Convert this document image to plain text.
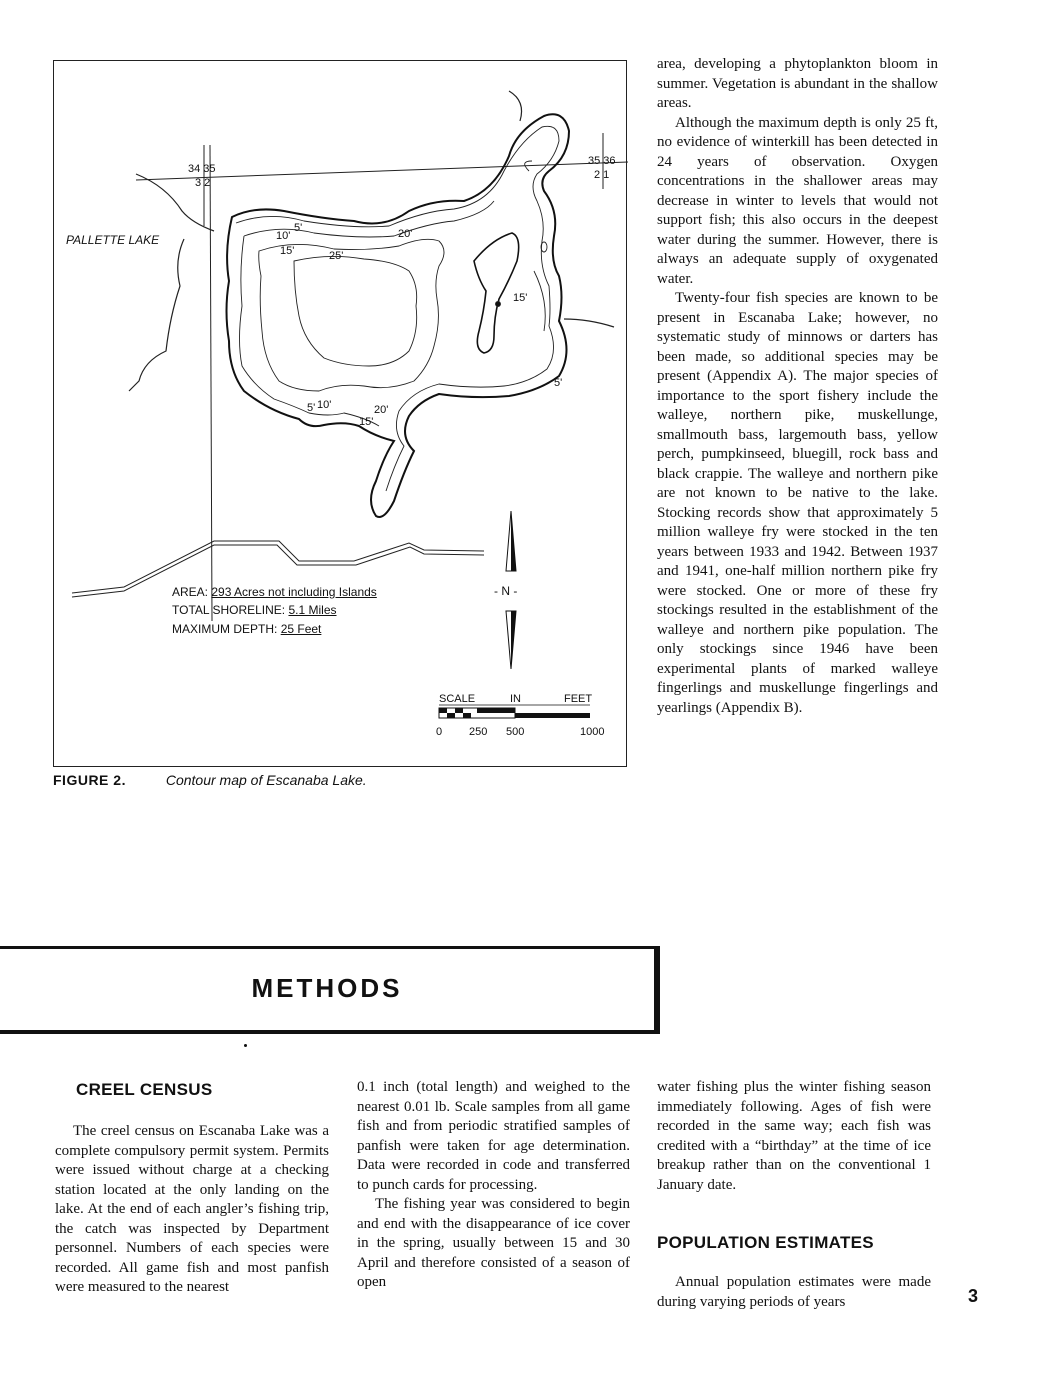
PALLETTE LAKE
34 35
3 2
35 36
2 1
10'
5'
15'
20'
25'
15'
5'
5' 10'
15'
20'
- N -
SCALE	IN	FEET
0 250 500	1000
AREA: 293 Acres not including Islands
TOTAL SHORELINE: 5.1 Miles
MAXIMUM DEPTH: 25 Feet
FIGURE 2.	Contour map of Escanaba Lake.

area, developing a phytoplankton bloom in summer. Vegetation is abundant in the shallow areas.

Although the maximum depth is only 25 ft, no evidence of winterkill has been detected in 24 years of observation. Oxygen concentrations in the shallower areas may decrease in winter to levels that would not support fish; this also occurs in the deepest water during the summer. However, there is always an adequate supply of oxygenated water.

Twenty-four fish species are known to be present in Escanaba Lake; however, no systematic study of minnows or darters has been made, so additional species may be present (Appendix A). The major species of importance to the sport fishery include the walleye, northern pike, muskellunge, smallmouth bass, largemouth bass, yellow perch, pumpkinseed, bluegill, rock bass and black crappie. The walleye and northern pike are not known to be native to the lake. Stocking records show that approximately 5 million walleye fry were stocked in the ten years between 1933 and 1942. Between 1937 and 1941, one-half million northern pike fry were stocked. One or more of these fry stockings resulted in the establishment of the walleye and northern pike population. The only stockings since 1946 have been experimental plants of marked walleye fingerlings and muskellunge fingerlings and yearlings (Appendix B).

METHODS
CREEL CENSUS

The creel census on Escanaba Lake was a complete compulsory permit system. Permits were issued without charge at a checking station located at the only landing on the lake. At the end of each angler’s fishing trip, the catch was inspected by Department personnel. Numbers of each species were recorded. All game fish and most panfish were measured to the nearest

0.1 inch (total length) and weighed to the nearest 0.01 lb. Scale samples from all game fish and from periodic stratified samples of panfish were taken for age determination. Data were recorded in code and transferred to punch cards for processing.

The fishing year was considered to begin and end with the disappearance of ice cover in the spring, usually between 15 and 30 April and therefore consisted of a season of open

water fishing plus the winter fishing season immediately following. Ages of fish were recorded in the same way; each fish was credited with a “birthday” at the time of ice breakup rather than on the conventional 1 January date.

POPULATION ESTIMATES

Annual population estimates were made during varying periods of years	3
